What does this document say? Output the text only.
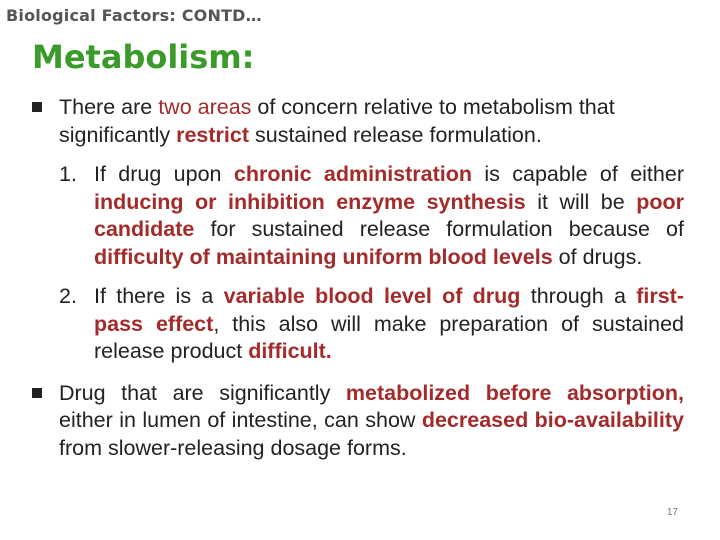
Biological Factors: CONTD…
Metabolism:
There are two areas of concern relative to metabolism that significantly restrict sustained release formulation.
1. If drug upon chronic administration is capable of either inducing or inhibition enzyme synthesis it will be poor candidate for sustained release formulation because of difficulty of maintaining uniform blood levels of drugs.
2. If there is a variable blood level of drug through a first-pass effect, this also will make preparation of sustained release product difficult.
Drug that are significantly metabolized before absorption, either in lumen of intestine, can show decreased bio-availability from slower-releasing dosage forms.
17
